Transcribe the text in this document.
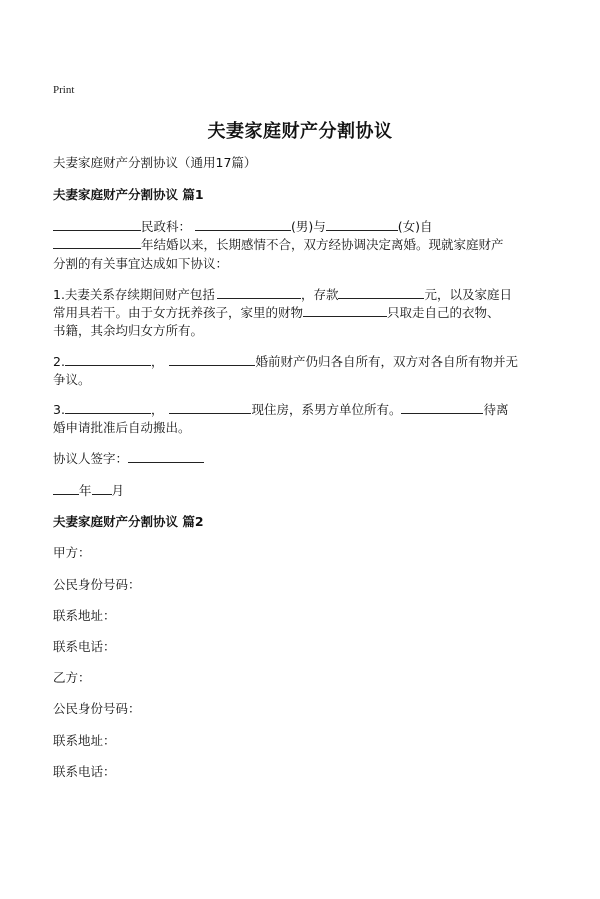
Print
夫妻家庭财产分割协议
夫妻家庭财产分割协议（通用17篇）
夫妻家庭财产分割协议 篇1
民政科：	(男)与	(女)自
年结婚以来，长期感情不合，双方经协调决定离婚。现就家庭财产
分割的有关事宜达成如下协议：
1.夫妻关系存续期间财产包括	，存款	元，以及家庭日
常用具若干。由于女方抚养孩子，家里的财物	只取走自己的衣物、
书籍，其余均归女方所有。
2.	，	婚前财产仍归各自所有，双方对各自所有物并无
争议。
3.	，	现住房，系男方单位所有。	待离
婚申请批准后自动搬出。
协议人签字：
年 月
夫妻家庭财产分割协议 篇2
甲方：
公民身份号码：
联系地址：
联系电话：
乙方：
公民身份号码：
联系地址：
联系电话：
